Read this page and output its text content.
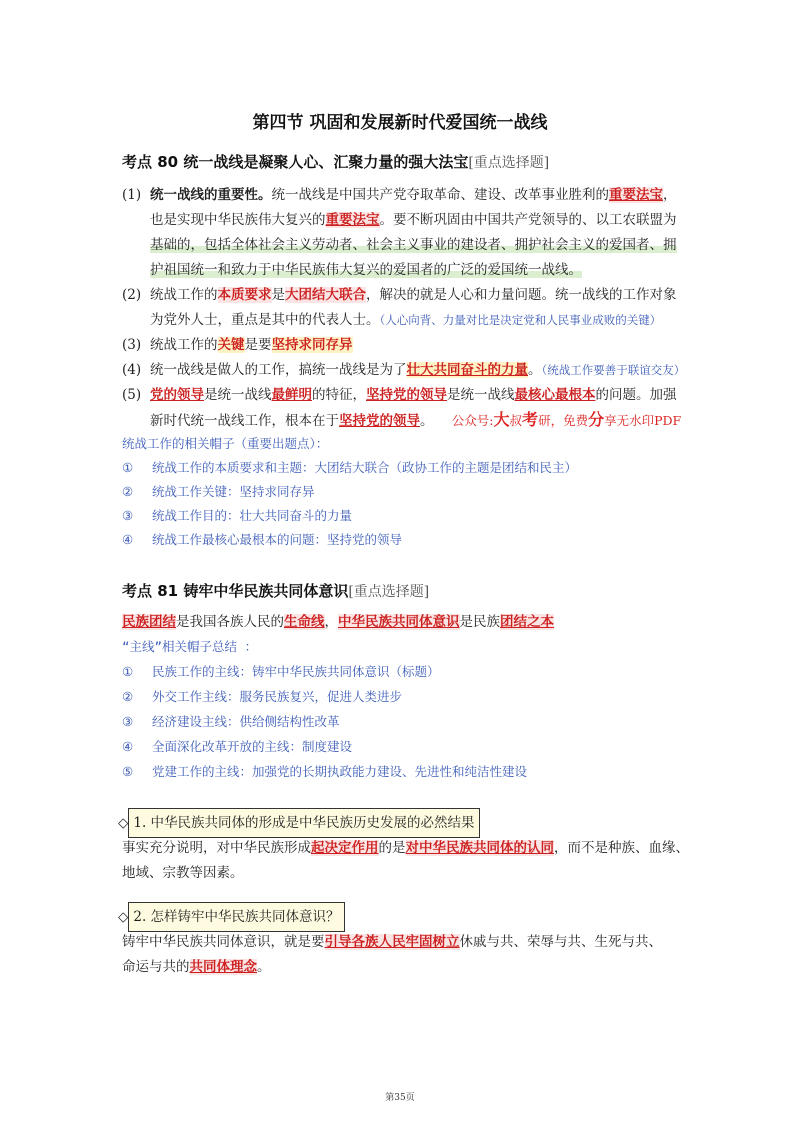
第四节 巩固和发展新时代爱国统一战线
考点 80 统一战线是凝聚人心、汇聚力量的强大法宝[重点选择题]
(1) 统一战线的重要性。统一战线是中国共产党夺取革命、建设、改革事业胜利的重要法宝，
也是实现中华民族伟大复兴的重要法宝。要不断巩固由中国共产党领导的、以工农联盟为
基础的，包括全体社会主义劳动者、社会主义事业的建设者、拥护社会主义的爱国者、拥
护祖国统一和致力于中华民族伟大复兴的爱国者的广泛的爱国统一战线。
(2) 统战工作的本质要求是大团结大联合，解决的就是人心和力量问题。统一战线的工作对象
为党外人士，重点是其中的代表人士。（人心向背、力量对比是决定党和人民事业成败的关键）
(3) 统战工作的关键是要坚持求同存异
(4) 统一战线是做人的工作，搞统一战线是为了壮大共同奋斗的力量。（统战工作要善于联谊交友）
(5) 党的领导是统一战线最鲜明的特征，坚持党的领导是统一战线最核心最根本的问题。加强
新时代统一战线工作，根本在于坚持党的领导。 公众号:大叔考研，免费分享无水印PDF
统战工作的相关帽子（重要出题点）：
① 统战工作的本质要求和主题：大团结大联合（政协工作的主题是团结和民主）
② 统战工作关键：坚持求同存异
③ 统战工作目的：壮大共同奋斗的力量
④ 统战工作最核心最根本的问题：坚持党的领导
考点 81 铸牢中华民族共同体意识[重点选择题]
民族团结是我国各族人民的生命线，中华民族共同体意识是民族团结之本
“主线”相关帽子总结 ：
① 民族工作的主线：铸牢中华民族共同体意识（标题）
② 外交工作主线：服务民族复兴，促进人类进步
③ 经济建设主线：供给侧结构性改革
④ 全面深化改革开放的主线：制度建设
⑤ 党建工作的主线：加强党的长期执政能力建设、先进性和纯洁性建设
◇ 1. 中华民族共同体的形成是中华民族历史发展的必然结果
事实充分说明，对中华民族形成起决定作用的是对中华民族共同体的认同，而不是种族、血缘、
地域、宗教等因素。
◇ 2. 怎样铸牢中华民族共同体意识？
铸牢中华民族共同体意识，就是要引导各族人民牢固树立休戚与共、荣辱与共、生死与共、
命运与共的共同体理念。
第35页
